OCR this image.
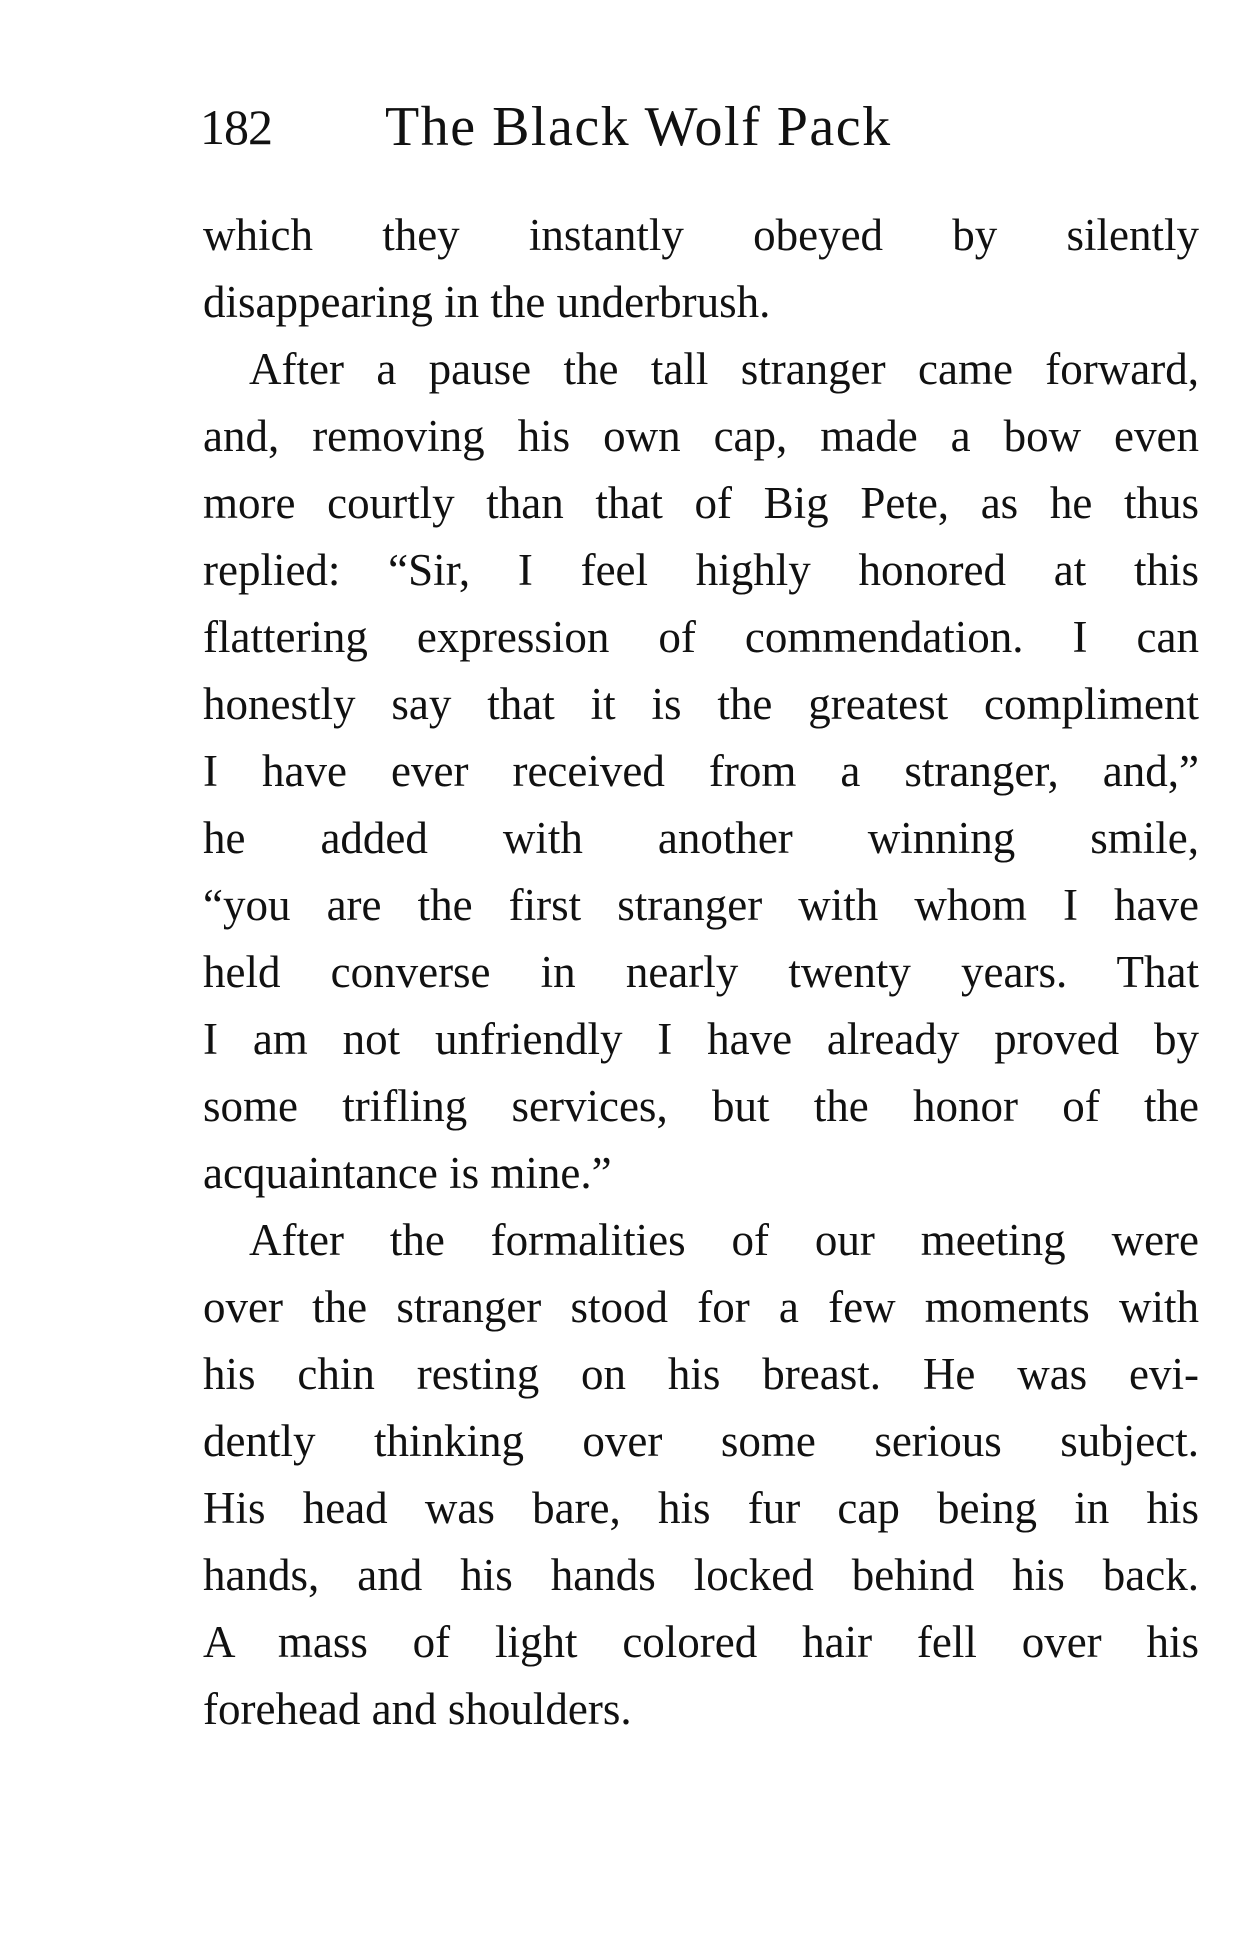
182 The Black Wolf Pack
which they instantly obeyed by silently
disappearing in the underbrush.
After a pause the tall stranger came forward,
and, removing his own cap, made a bow even
more courtly than that of Big Pete, as he thus
replied: “Sir, I feel highly honored at this
flattering expression of commendation. I can
honestly say that it is the greatest compliment
I have ever received from a stranger, and,”
he added with another winning smile,
“you are the first stranger with whom I have
held converse in nearly twenty years. That
I am not unfriendly I have already proved by
some trifling services, but the honor of the
acquaintance is mine.”
After the formalities of our meeting were
over the stranger stood for a few moments with
his chin resting on his breast. He was evi-
dently thinking over some serious subject.
His head was bare, his fur cap being in his
hands, and his hands locked behind his back.
A mass of light colored hair fell over his
forehead and shoulders.
